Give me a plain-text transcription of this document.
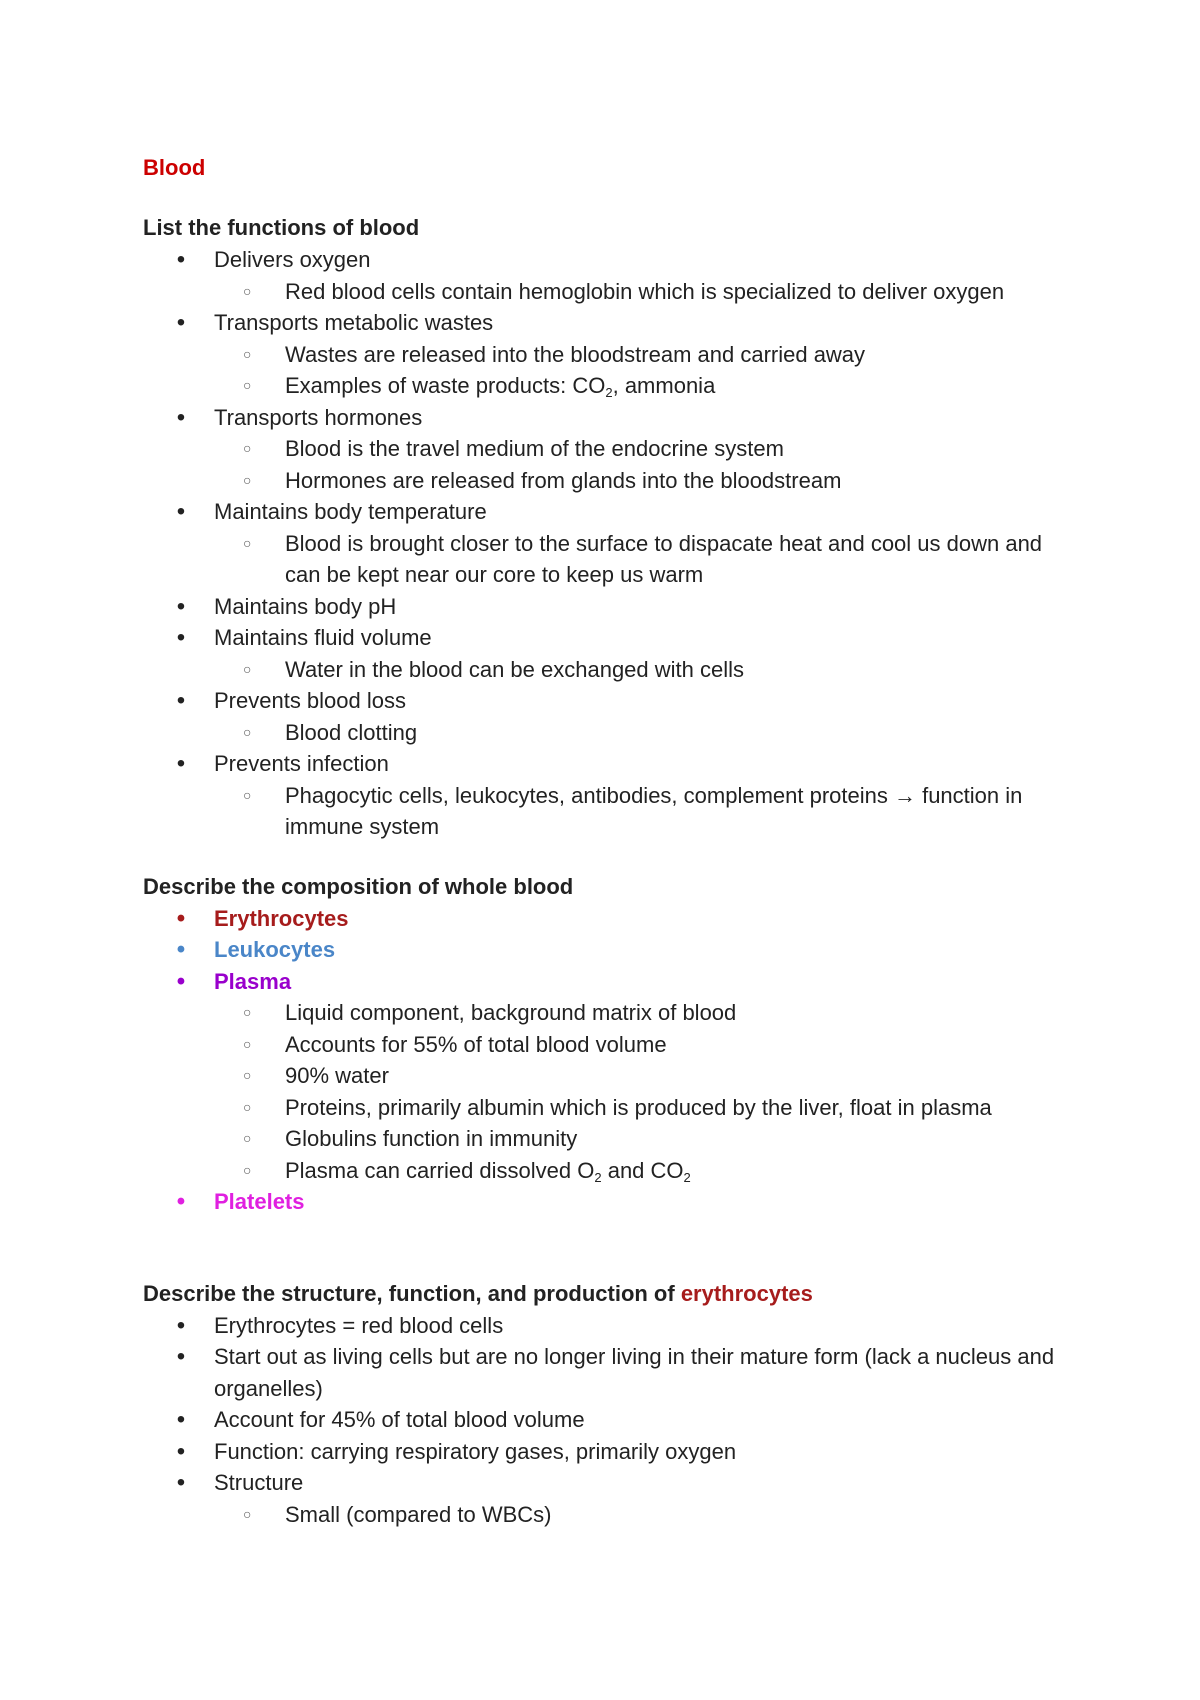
Blood
List the functions of blood
• Delivers oxygen
○ Red blood cells contain hemoglobin which is specialized to deliver oxygen
• Transports metabolic wastes
○ Wastes are released into the bloodstream and carried away
○ Examples of waste products: $CO_2$, ammonia
• Transports hormones
○ Blood is the travel medium of the endocrine system
○ Hormones are released from glands into the bloodstream
• Maintains body temperature
○ Blood is brought closer to the surface to dispacate heat and cool us down and can be kept near our core to keep us warm
• Maintains body pH
• Maintains fluid volume
○ Water in the blood can be exchanged with cells
• Prevents blood loss
○ Blood clotting
• Prevents infection
○ Phagocytic cells, leukocytes, antibodies, complement proteins → function in immune system
Describe the composition of whole blood
• Erythrocytes
• Leukocytes
• Plasma
○ Liquid component, background matrix of blood
○ Accounts for 55% of total blood volume
○ 90% water
○ Proteins, primarily albumin which is produced by the liver, float in plasma
○ Globulins function in immunity
○ Plasma can carried dissolved $O_2$ and $CO_2$
• Platelets
Describe the structure, function, and production of erythrocytes
• Erythrocytes = red blood cells
• Start out as living cells but are no longer living in their mature form (lack a nucleus and organelles)
• Account for 45% of total blood volume
• Function: carrying respiratory gases, primarily oxygen
• Structure
○ Small (compared to WBCs)
